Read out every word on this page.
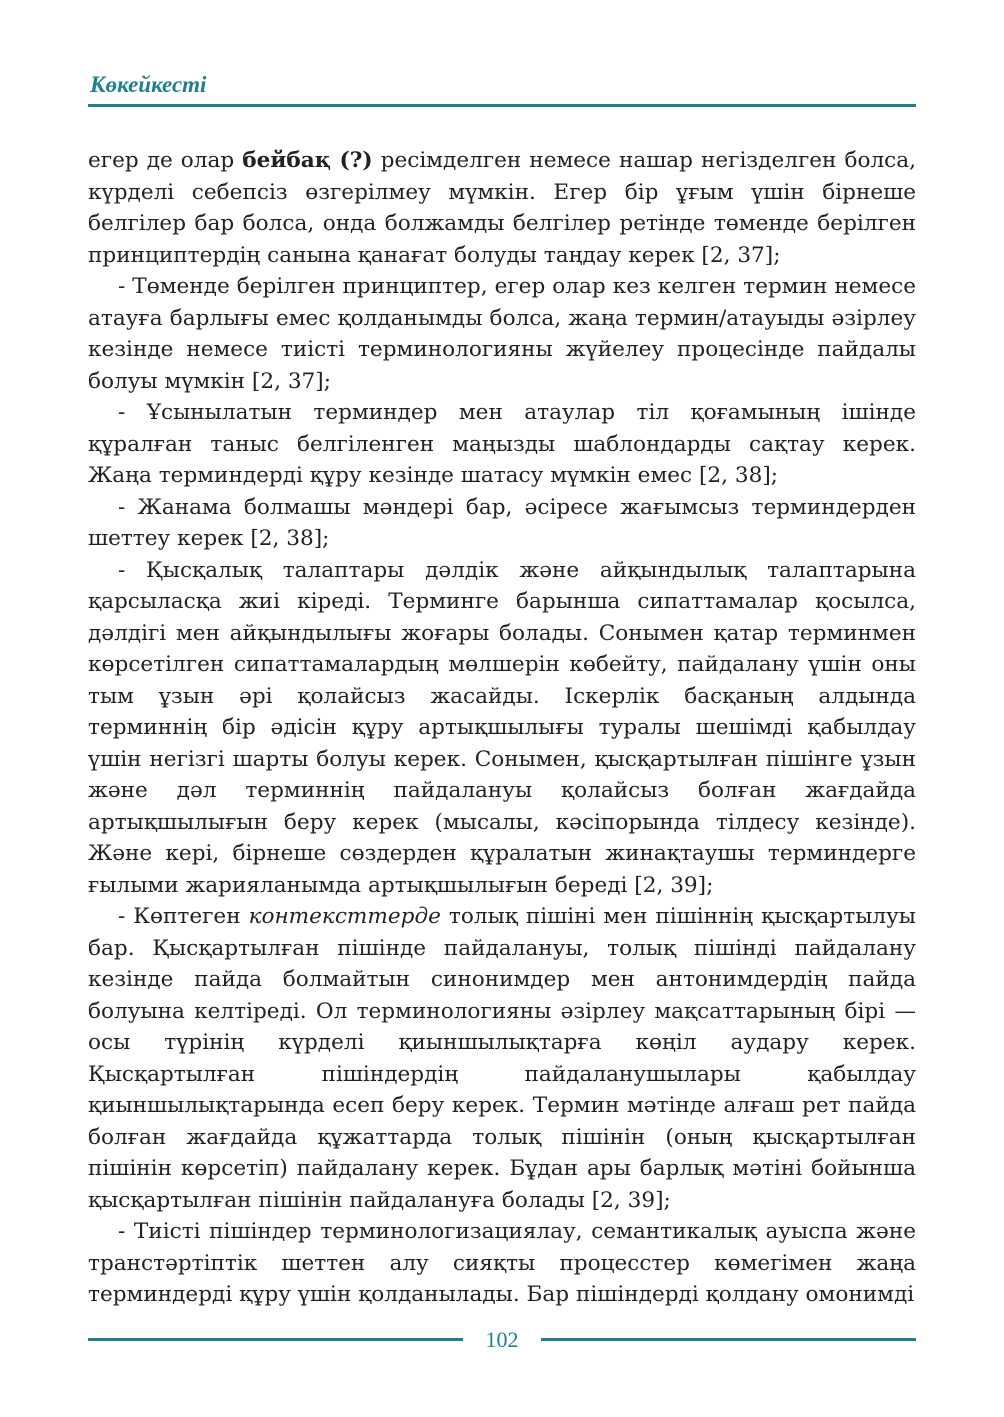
Көкейкесті

егер де олар бейбақ (?) ресімделген немесе нашар негізделген болса, күрделі себепсіз өзгерілмеу мүмкін. Егер бір ұғым үшін бірнеше белгілер бар болса, онда болжамды белгілер ретінде төменде берілген принциптердің санына қанағат болуды таңдау керек [2, 37];

- Төменде берілген принциптер, егер олар кез келген термин немесе атауға барлығы емес қолданымды болса, жаңа термин/атауыды әзірлеу кезінде немесе тиісті терминологияны жүйелеу процесінде пайдалы болуы мүмкін [2, 37];

- Ұсынылатын терминдер мен атаулар тіл қоғамының ішінде құралған таныс белгіленген маңызды шаблондарды сақтау керек. Жаңа терминдерді құру кезінде шатасу мүмкін емес [2, 38];

- Жанама болмашы мәндері бар, әсіресе жағымсыз терминдерден шеттеу керек [2, 38];

- Қысқалық талаптары дәлдік және айқындылық талаптарына қарсыласқа жиі кіреді. Терминге барынша сипаттамалар қосылса, дәлдігі мен айқындылығы жоғары болады. Сонымен қатар терминмен көрсетілген сипаттамалардың мөлшерін көбейту, пайдалану үшін оны тым ұзын әрі қолайсыз жасайды. Іскерлік басқаның алдында терминнің бір әдісін құру артықшылығы туралы шешімді қабылдау үшін негізгі шарты болуы керек. Сонымен, қысқартылған пішінге ұзын және дәл терминнің пайдалануы қолайсыз болған жағдайда артықшылығын беру керек (мысалы, кәсіпорында тілдесу кезінде). Және кері, бірнеше сөздерден құралатын жинақтаушы терминдерге ғылыми жарияланымда артықшылығын береді [2, 39];

- Көптеген контексттерде толық пішіні мен пішіннің қысқартылуы бар. Қысқартылған пішінде пайдалануы, толық пішінді пайдалану кезінде пайда болмайтын синонимдер мен антонимдердің пайда болуына келтіреді. Ол терминологияны әзірлеу мақсаттарының бірі — осы түрінің күрделі қиыншылықтарға көңіл аудару керек. Қысқартылған пішіндердің пайдаланушылары қабылдау қиыншылықтарында есеп беру керек. Термин мәтінде алғаш рет пайда болған жағдайда құжаттарда толық пішінін (оның қысқартылған пішінін көрсетіп) пайдалану керек. Бұдан ары барлық мәтіні бойынша қысқартылған пішінін пайдалануға болады [2, 39];

- Тиісті пішіндер терминологизациялау, семантикалық ауыспа және транстәртіптік шеттен алу сияқты процесстер көмегімен жаңа терминдерді құру үшін қолданылады. Бар пішіндерді қолдану омонимді

102
